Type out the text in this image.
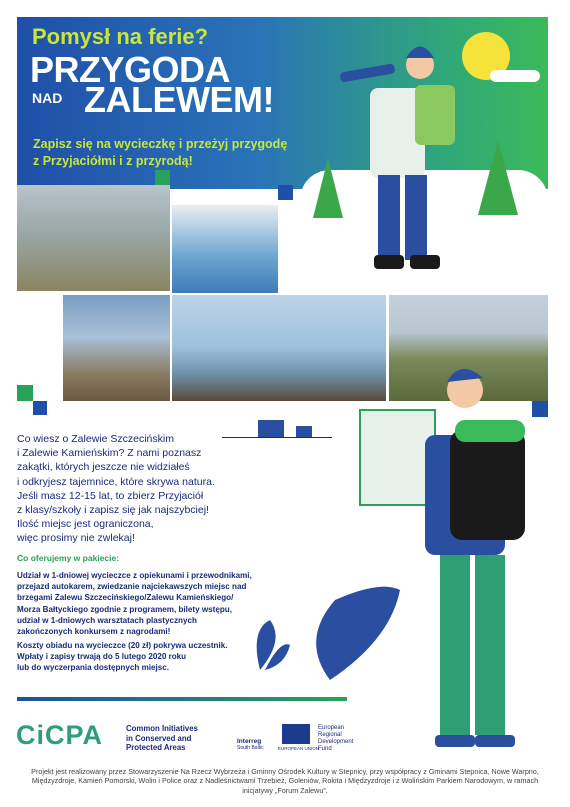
Pomysł na ferie?
PRZYGODA
NAD ZALEWEM!
Zapisz się na wycieczkę i przeżyj przygodę
z Przyjaciółmi i z przyrodą!
Co wiesz o Zalewie Szczecińskim
i Zalewie Kamieńskim? Z nami poznasz
zakątki, których jeszcze nie widziałeś
i odkryjesz tajemnice, które skrywa natura.
Jeśli masz 12-15 lat, to zbierz Przyjaciół
z klasy/szkoły i zapisz się jak najszybciej!
Ilość miejsc jest ograniczona,
więc prosimy nie zwlekaj!
Co oferujemy w pakiecie:
Udział w 1-dniowej wycieczce z opiekunami i przewodnikami,
przejazd autokarem, zwiedzanie najciekawszych miejsc nad
brzegami Zalewu Szczecińskiego/Zalewu Kamieńskiego/
Morza Bałtyckiego zgodnie z programem, bilety wstępu,
udział w 1-dniowych warsztatach plastycznych
zakończonych konkursem z nagrodami!
Koszty obiadu na wycieczce (20 zł) pokrywa uczestnik.
Wpłaty i zapisy trwają do 5 lutego 2020 roku
lub do wyczerpania dostępnych miejsc.
CiCPA	Common Initiatives
in Conserved and
Protected Areas
Interreg
South Baltic	EUROPEAN UNION
European
Regional
Development
Fund
Projekt jest realizowany przez Stowarzyszenie Na Rzecz Wybrzeża i Gminny Ośrodek Kultury w Stepnicy, przy współpracy z Gminami Stepnica, Nowe Warpno,
Międzyzdroje, Kamień Pomorski, Wolin i Police oraz z Nadleśnictwami Trzebież, Goleniów, Rokita i Międzyzdroje i z Wolińskim Parkiem Narodowym, w ramach
inicjatywy „Forum Zalewu”.
